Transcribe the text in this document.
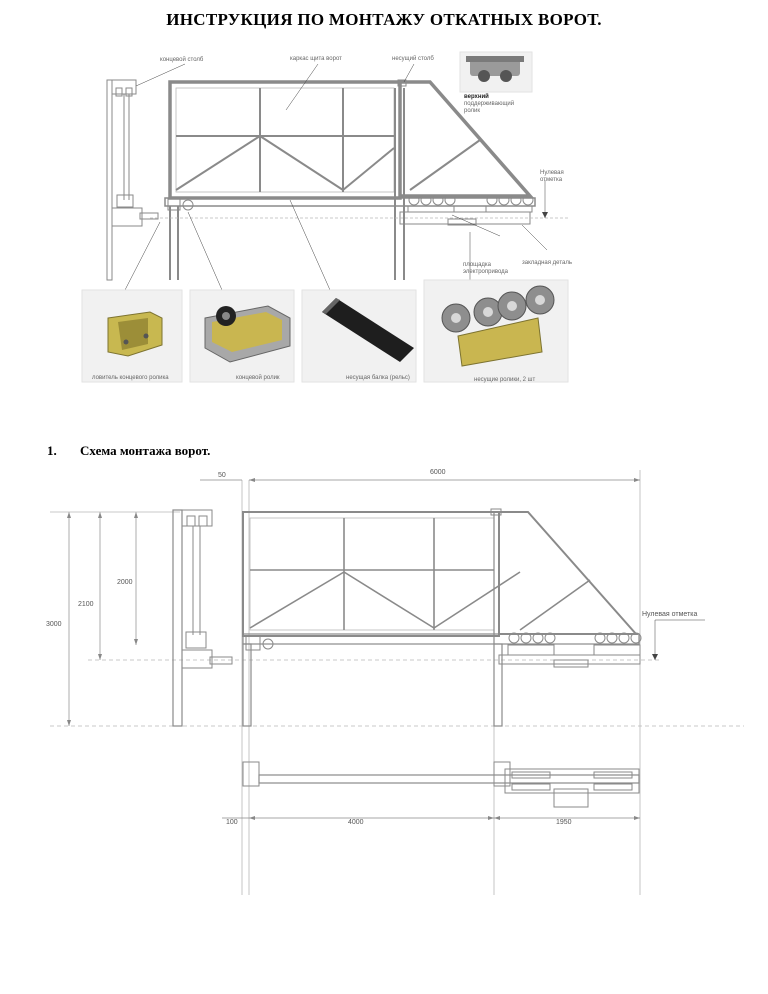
ИНСТРУКЦИЯ ПО МОНТАЖУ ОТКАТНЫХ ВОРОТ.
концевой столб	каркас щита ворот	несущий столб
верхний
поддерживающий
ролик
Нулевая
отметка
площадка
электропривода
закладная деталь
ловитель концевого ролика	концевой ролик	несущая балка (рельс)	несущие ролики, 2 шт
50	6000
3000
2100
2000
100	4000	1950
Нулевая отметка
1. Схема монтажа ворот.
